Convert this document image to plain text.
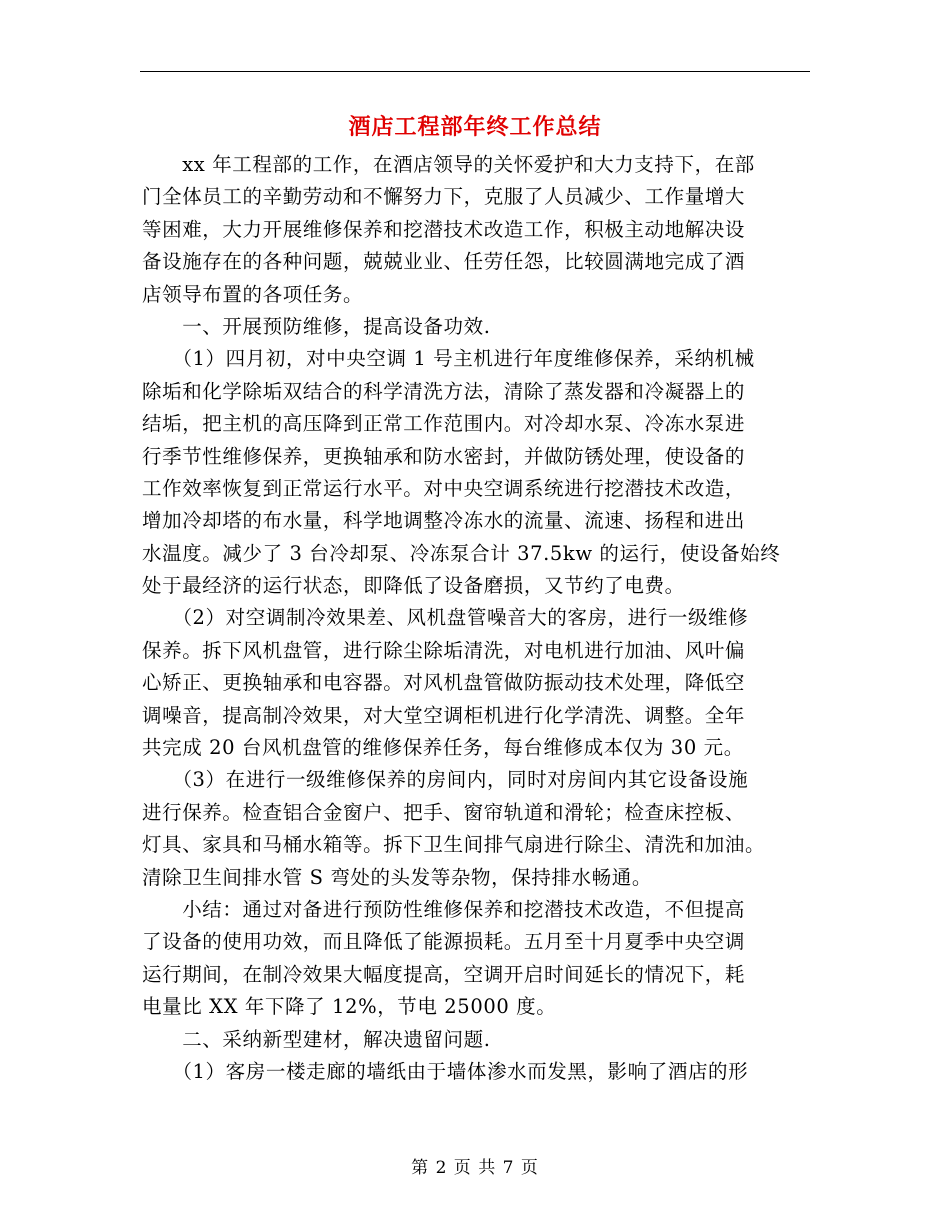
酒店工程部年终工作总结
　　xx 年工程部的工作，在酒店领导的关怀爱护和大力支持下，在部
门全体员工的辛勤劳动和不懈努力下，克服了人员减少、工作量增大
等困难，大力开展维修保养和挖潜技术改造工作，积极主动地解决设
备设施存在的各种问题，兢兢业业、任劳任怨，比较圆满地完成了酒
店领导布置的各项任务。
　　一、开展预防维修，提高设备功效.
　　（1）四月初，对中央空调 1 号主机进行年度维修保养，采纳机械
除垢和化学除垢双结合的科学清洗方法，清除了蒸发器和冷凝器上的
结垢，把主机的高压降到正常工作范围内。对冷却水泵、冷冻水泵进
行季节性维修保养，更换轴承和防水密封，并做防锈处理，使设备的
工作效率恢复到正常运行水平。对中央空调系统进行挖潜技术改造，
增加冷却塔的布水量，科学地调整冷冻水的流量、流速、扬程和进出
水温度。减少了 3 台冷却泵、冷冻泵合计 37.5kw 的运行，使设备始终
处于最经济的运行状态，即降低了设备磨损，又节约了电费。
　　（2）对空调制冷效果差、风机盘管噪音大的客房，进行一级维修
保养。拆下风机盘管，进行除尘除垢清洗，对电机进行加油、风叶偏
心矫正、更换轴承和电容器。对风机盘管做防振动技术处理，降低空
调噪音，提高制冷效果，对大堂空调柜机进行化学清洗、调整。全年
共完成 20 台风机盘管的维修保养任务，每台维修成本仅为 30 元。
　　（3）在进行一级维修保养的房间内，同时对房间内其它设备设施
进行保养。检查铝合金窗户、把手、窗帘轨道和滑轮；检查床控板、
灯具、家具和马桶水箱等。拆下卫生间排气扇进行除尘、清洗和加油。
清除卫生间排水管 S 弯处的头发等杂物，保持排水畅通。
　　小结：通过对备进行预防性维修保养和挖潜技术改造，不但提高
了设备的使用功效，而且降低了能源损耗。五月至十月夏季中央空调
运行期间，在制冷效果大幅度提高，空调开启时间延长的情况下，耗
电量比 XX 年下降了 12%，节电 25000 度。
　　二、采纳新型建材，解决遗留问题.
　　（1）客房一楼走廊的墙纸由于墙体渗水而发黑，影响了酒店的形
第 2 页 共 7 页
